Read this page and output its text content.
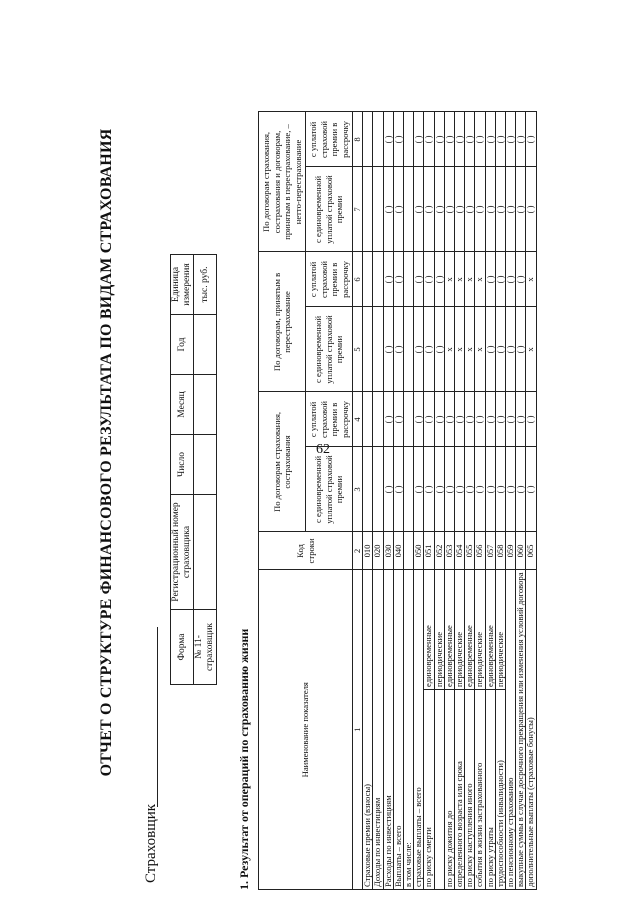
62
ОТЧЕТ О СТРУКТУРЕ ФИНАНСОВОГО РЕЗУЛЬТАТА ПО ВИДАМ СТРАХОВАНИЯ
Страховщик
Форма	Регистрационный номер страховщика	Число	Месяц	Год	Единица измерения
№ 11-страховщик					тыс. руб.
1. Результат от операций по страхованию жизни	Наименование показателя		Код строки	По договорам страхования, сострахования		По договорам, принятым в перестрахование		По договорам страхования, сострахования и договорам, принятым в перестрахование, – нетто-перестрахование	
			с единовременной уплатой страховой премии	с уплатой страховой премии в рассрочку	с единовременной уплатой страховой премии	с уплатой страховой премии в рассрочку	с единовременной уплатой страховой премии	с уплатой страховой премии в рассрочку
1		2	3	4	5	6	7	8
Страховые премии (взносы)		010						
Доходы по инвестициям		020						
Расходы по инвестициям		030	( )	( )	( )	( )	( )	( )
Выплаты – всего		040	( )	( )	( )	( )	( )	( )
в том числе:								
страховые выплаты – всего		050	( )	( )	( )	( )	( )	( )
по риску смерти	единовременные	051	( )	( )	( )	( )	( )	( )
	периодические	052	( )	( )	( )	( )	( )	( )
по риску дожития до	единовременные	053	( )	( )	x	x	( )	( )
определенного возраста или срока	периодические	054	( )	( )	x	x	( )	( )
по риску наступления иного	единовременные	055	( )	( )	x	x	( )	( )
события в жизни застрахованного	периодические	056	( )	( )	x	x	( )	( )
по риску утраты	единовременные	057	( )	( )	( )	( )	( )	( )
трудоспособности (инвалидности)	периодические	058	( )	( )	( )	( )	( )	( )
по пенсионному страхованию		059	( )	( )	( )	( )	( )	( )
выкупные суммы в случае досрочного прекращения или изменения условий договора		060	( )	( )	( )	( )	( )	( )
дополнительные выплаты (страховые бонусы)		065	( )	( )	x	x	( )	( )
